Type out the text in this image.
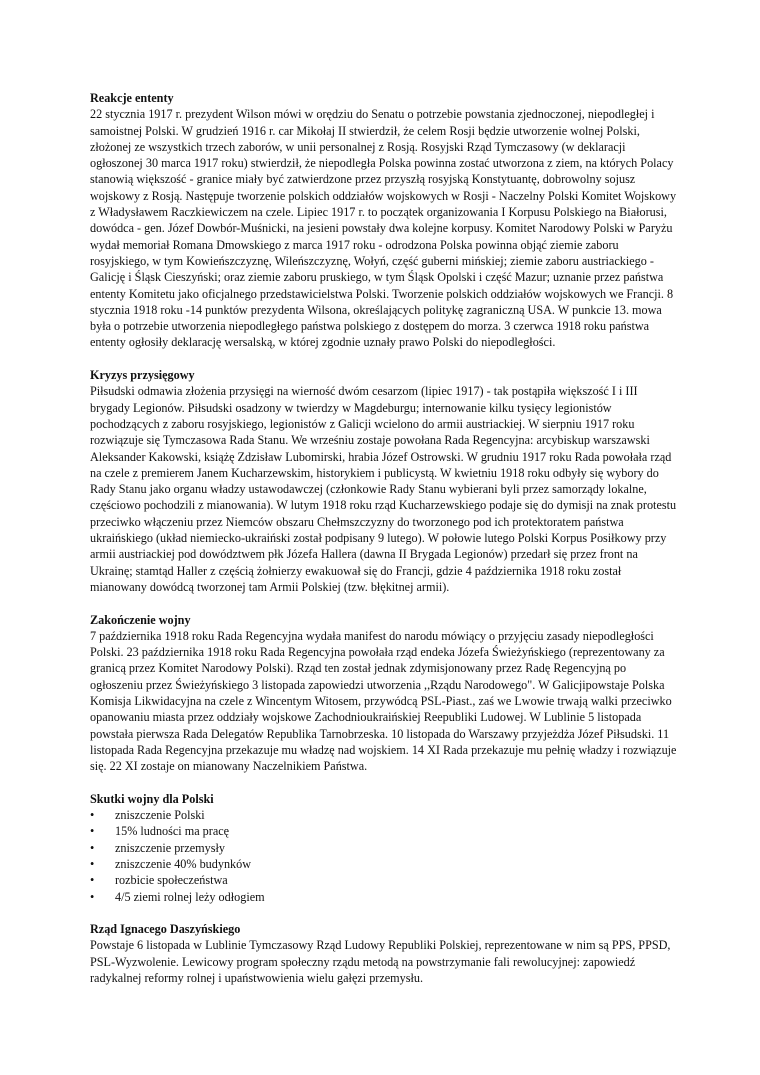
Reakcje ententy

22 stycznia 1917 r. prezydent Wilson mówi w orędziu do Senatu o potrzebie powstania zjednoczonej, niepodległej i samoistnej Polski. W grudzień 1916 r. car Mikołaj II stwierdził, że celem Rosji będzie utworzenie wolnej Polski, złożonej ze wszystkich trzech zaborów, w unii personalnej z Rosją. Rosyjski Rząd Tymczasowy (w deklaracji ogłoszonej 30 marca 1917 roku) stwierdził, że niepodległa Polska powinna zostać utworzona z ziem, na których Polacy stanowią większość - granice miały być zatwierdzone przez przyszłą rosyjską Konstytuantę, dobrowolny sojusz wojskowy z Rosją. Następuje tworzenie polskich oddziałów wojskowych w Rosji - Naczelny Polski Komitet Wojskowy z Władysławem Raczkiewiczem na czele. Lipiec 1917 r. to początek organizowania I Korpusu Polskiego na Białorusi, dowódca - gen. Józef Dowbór-Muśnicki, na jesieni powstały dwa kolejne korpusy. Komitet Narodowy Polski w Paryżu wydał memoriał Romana Dmowskiego z marca 1917 roku - odrodzona Polska powinna objąć ziemie zaboru rosyjskiego, w tym Kowieńszczyznę, Wileńszczyznę, Wołyń, część guberni mińskiej; ziemie zaboru austriackiego - Galicję i Śląsk Cieszyński; oraz ziemie zaboru pruskiego, w tym Śląsk Opolski i część Mazur; uznanie przez państwa ententy Komitetu jako oficjalnego przedstawicielstwa Polski. Tworzenie polskich oddziałów wojskowych we Francji. 8 stycznia 1918 roku -14 punktów prezydenta Wilsona, określających politykę zagraniczną USA. W punkcie 13. mowa była o potrzebie utworzenia niepodległego państwa polskiego z dostępem do morza. 3 czerwca 1918 roku państwa ententy ogłosiły deklarację wersalską, w której zgodnie uznały prawo Polski do niepodległości.

Kryzys przysięgowy

Piłsudski odmawia złożenia przysięgi na wierność dwóm cesarzom (lipiec 1917) - tak postąpiła większość I i III brygady Legionów. Piłsudski osadzony w twierdzy w Magdeburgu; internowanie kilku tysięcy legionistów pochodzących z zaboru rosyjskiego, legionistów z Galicji wcielono do armii austriackiej. W sierpniu 1917 roku rozwiązuje się Tymczasowa Rada Stanu. We wrześniu zostaje powołana Rada Regencyjna: arcybiskup warszawski Aleksander Kakowski, książę Zdzisław Lubomirski, hrabia Józef Ostrowski. W grudniu 1917 roku Rada powołała rząd na czele z premierem Janem Kucharzewskim, historykiem i publicystą. W kwietniu 1918 roku odbyły się wybory do Rady Stanu jako organu władzy ustawodawczej (członkowie Rady Stanu wybierani byli przez samorządy lokalne, częściowo pochodzili z mianowania). W lutym 1918 roku rząd Kucharzewskiego podaje się do dymisji na znak protestu przeciwko włączeniu przez Niemców obszaru Chełmszczyzny do tworzonego pod ich protektoratem państwa ukraińskiego (układ niemiecko-ukraiński został podpisany 9 lutego). W połowie lutego Polski Korpus Posiłkowy przy armii austriackiej pod dowództwem płk Józefa Hallera (dawna II Brygada Legionów) przedarł się przez front na Ukrainę; stamtąd Haller z częścią żołnierzy ewakuował się do Francji, gdzie 4 października 1918 roku został mianowany dowódcą tworzonej tam Armii Polskiej (tzw. błękitnej armii).

Zakończenie wojny

7 października 1918 roku Rada Regencyjna wydała manifest do narodu mówiący o przyjęciu zasady niepodległości Polski. 23 października 1918 roku Rada Regencyjna powołała rząd endeka Józefa Świeżyńskiego (reprezentowany za granicą przez Komitet Narodowy Polski). Rząd ten został jednak zdymisjonowany przez Radę Regencyjną po ogłoszeniu przez Świeżyńskiego 3 listopada zapowiedzi utworzenia ,,Rządu Narodowego". W Galicjipowstaje Polska Komisja Likwidacyjna na czele z Wincentym Witosem, przywódcą PSL-Piast., zaś we Lwowie trwają walki przeciwko opanowaniu miasta przez oddziały wojskowe Zachodnioukraińskiej Reepubliki Ludowej. W Lublinie 5 listopada powstała pierwsza Rada Delegatów Republika Tarnobrzeska. 10 listopada do Warszawy przyjeżdża Józef Piłsudski. 11 listopada Rada Regencyjna przekazuje mu władzę nad wojskiem. 14 XI Rada przekazuje mu pełnię władzy i rozwiązuje się. 22 XI zostaje on mianowany Naczelnikiem Państwa.

Skutki wojny dla Polski
• zniszczenie Polski
• 15% ludności ma pracę
• zniszczenie przemysły
• zniszczenie 40% budynków
• rozbicie społeczeństwa
• 4/5 ziemi rolnej leży odłogiem
Rząd Ignacego Daszyńskiego

Powstaje 6 listopada w Lublinie Tymczasowy Rząd Ludowy Republiki Polskiej, reprezentowane w nim są PPS, PPSD, PSL-Wyzwolenie. Lewicowy program społeczny rządu metodą na powstrzymanie fali rewolucyjnej: zapowiedź radykalnej reformy rolnej i upaństwowienia wielu gałęzi przemysłu.
